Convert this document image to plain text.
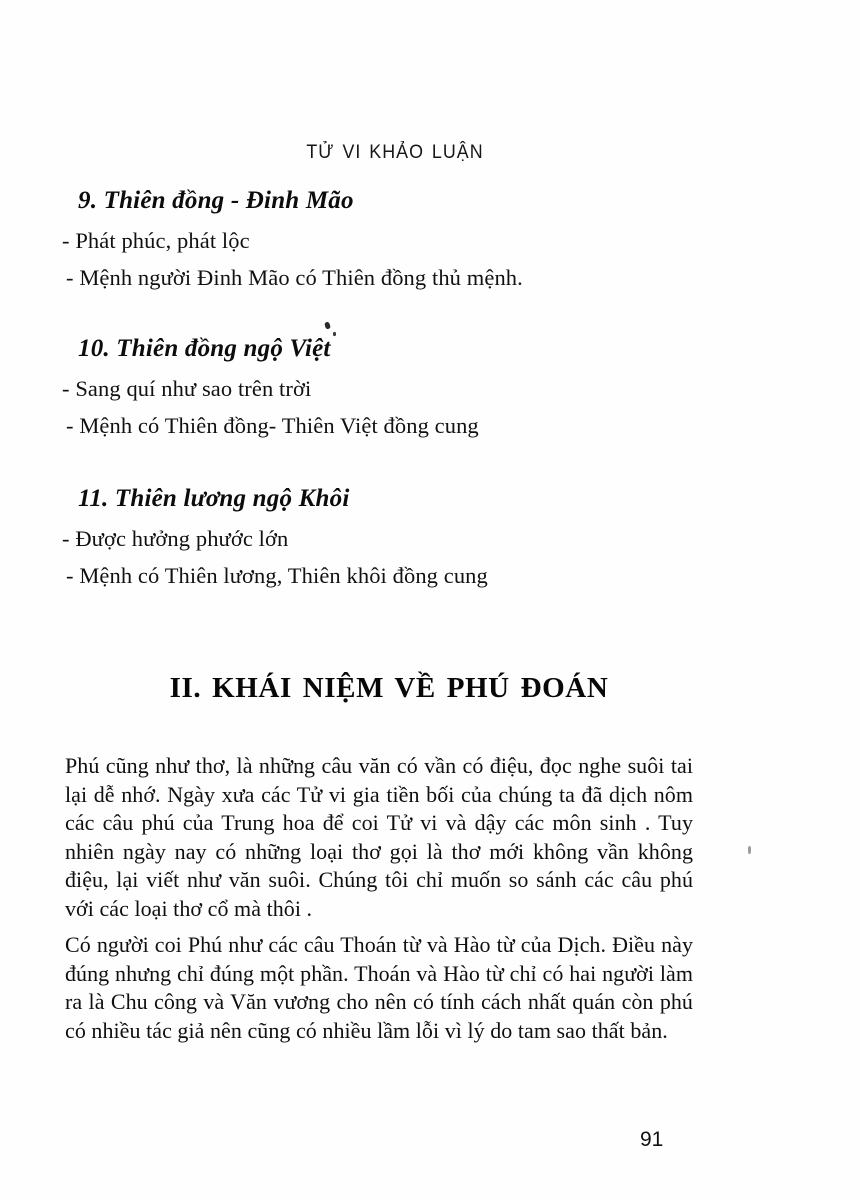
TỬ VI KHẢO LUẬN
9. Thiên đồng - Đinh Mão
- Phát phúc, phát lộc
- Mệnh người Đinh Mão có Thiên đồng thủ mệnh.
10. Thiên đồng ngộ Việt
- Sang quí như sao trên trời
- Mệnh có Thiên đồng- Thiên Việt đồng cung
11. Thiên lương ngộ Khôi
- Được hưởng phước lớn
- Mệnh có Thiên lương, Thiên khôi đồng cung
II. KHÁI NIỆM VỀ PHÚ ĐOÁN

Phú cũng như thơ, là những câu văn có vần có điệu, đọc nghe suôi tai lại dễ nhớ. Ngày xưa các Tử vi gia tiền bối của chúng ta đã dịch nôm các câu phú của Trung hoa để coi Tử vi và dậy các môn sinh . Tuy nhiên ngày nay có những loại thơ gọi là thơ mới không vần không điệu, lại viết như văn suôi. Chúng tôi chỉ muốn so sánh các câu phú với các loại thơ cổ mà thôi .

Có người coi Phú như các câu Thoán từ và Hào từ của Dịch. Điều này đúng nhưng chỉ đúng một phần. Thoán và Hào từ chỉ có hai người làm ra là Chu công và Văn vương cho nên có tính cách nhất quán còn phú có nhiều tác giả nên cũng có nhiều lầm lỗi vì lý do tam sao thất bản.

91
